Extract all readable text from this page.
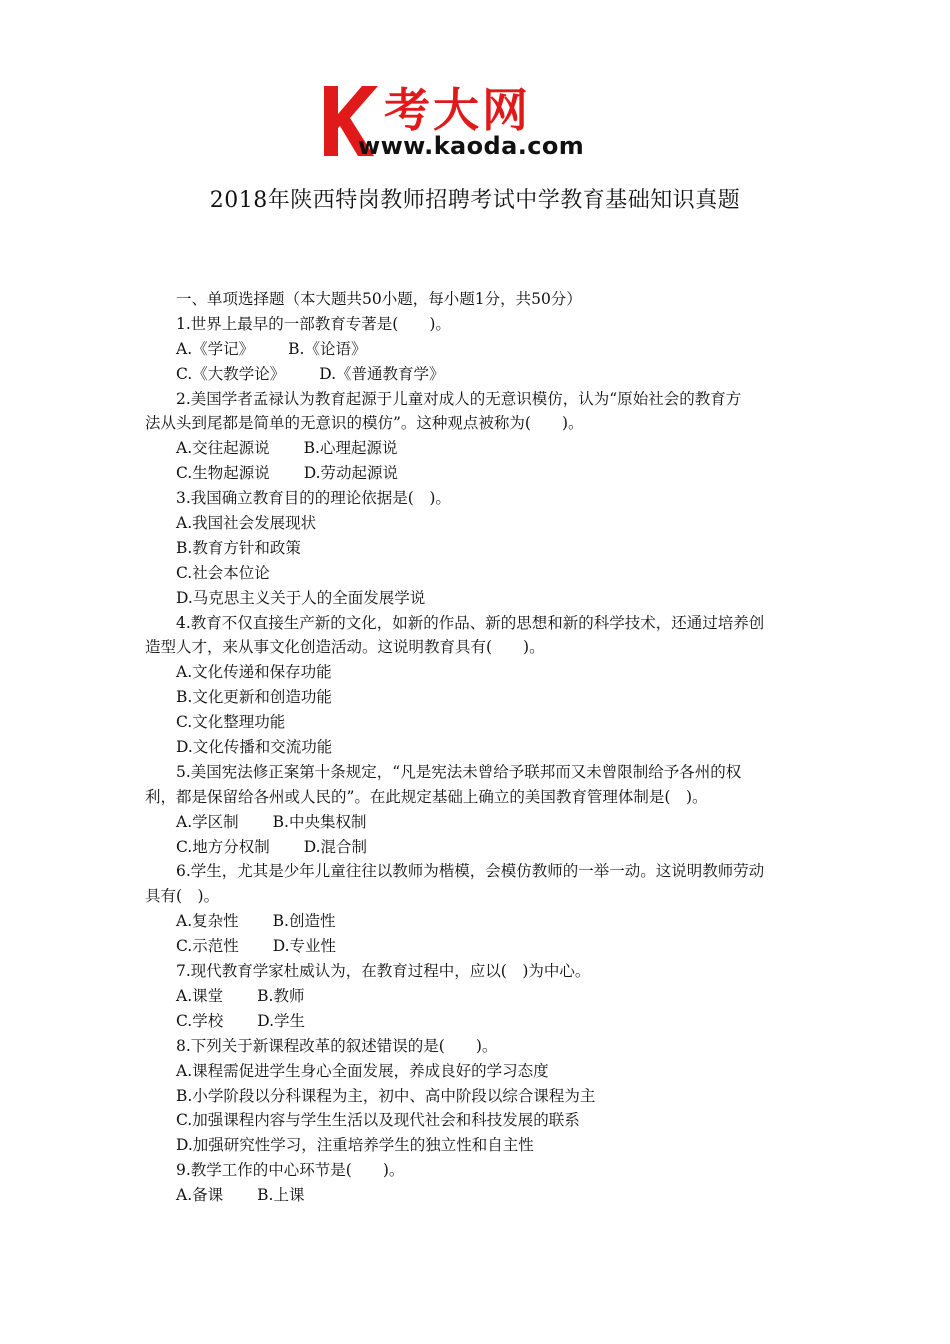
考大网
www.kaoda.com
2018年陕西特岗教师招聘考试中学教育基础知识真题
一、单项选择题（本大题共50小题，每小题1分，共50分）
1.世界上最早的一部教育专著是(　　)。
A.《学记》 B.《论语》
C.《大教学论》 D.《普通教育学》
2.美国学者孟禄认为教育起源于儿童对成人的无意识模仿，认为“原始社会的教育方
法从头到尾都是简单的无意识的模仿”。这种观点被称为(　　)。
A.交往起源说 B.心理起源说
C.生物起源说 D.劳动起源说
3.我国确立教育目的的理论依据是(　)。
A.我国社会发展现状
B.教育方针和政策
C.社会本位论
D.马克思主义关于人的全面发展学说
4.教育不仅直接生产新的文化，如新的作品、新的思想和新的科学技术，还通过培养创
造型人才，来从事文化创造活动。这说明教育具有(　　)。
A.文化传递和保存功能
B.文化更新和创造功能
C.文化整理功能
D.文化传播和交流功能
5.美国宪法修正案第十条规定，“凡是宪法未曾给予联邦而又未曾限制给予各州的权
利，都是保留给各州或人民的”。在此规定基础上确立的美国教育管理体制是(　)。
A.学区制 B.中央集权制
C.地方分权制 D.混合制
6.学生，尤其是少年儿童往往以教师为楷模，会模仿教师的一举一动。这说明教师劳动
具有(　)。
A.复杂性 B.创造性
C.示范性 D.专业性
7.现代教育学家杜威认为，在教育过程中，应以(　)为中心。
A.课堂 B.教师
C.学校 D.学生
8.下列关于新课程改革的叙述错误的是(　　)。
A.课程需促进学生身心全面发展，养成良好的学习态度
B.小学阶段以分科课程为主，初中、高中阶段以综合课程为主
C.加强课程内容与学生生活以及现代社会和科技发展的联系
D.加强研究性学习，注重培养学生的独立性和自主性
9.教学工作的中心环节是(　　)。
A.备课 B.上课
